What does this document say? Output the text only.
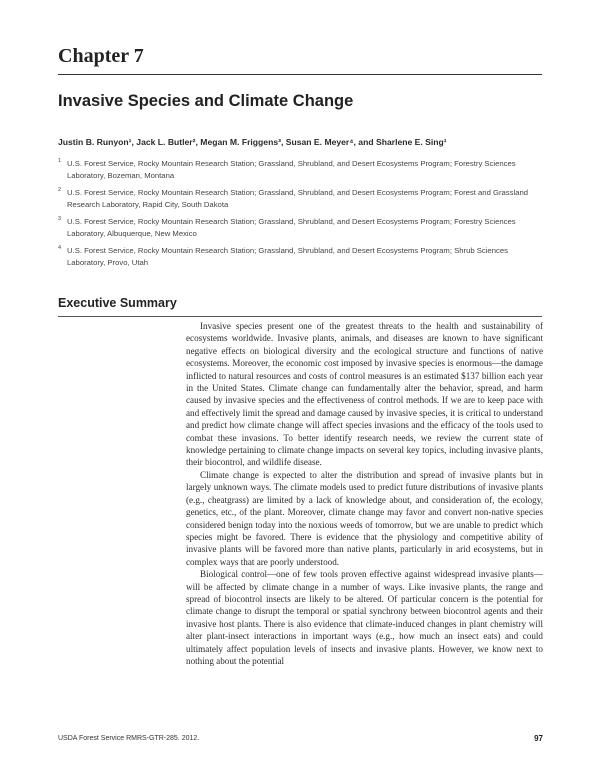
Chapter 7
Invasive Species and Climate Change
Justin B. Runyon¹, Jack L. Butler², Megan M. Friggens³, Susan E. Meyer⁴, and Sharlene E. Sing¹
1 U.S. Forest Service, Rocky Mountain Research Station; Grassland, Shrubland, and Desert Ecosystems Program; Forestry Sciences Laboratory, Bozeman, Montana
2 U.S. Forest Service, Rocky Mountain Research Station; Grassland, Shrubland, and Desert Ecosystems Program; Forest and Grassland Research Laboratory, Rapid City, South Dakota
3 U.S. Forest Service, Rocky Mountain Research Station; Grassland, Shrubland, and Desert Ecosystems Program; Forestry Sciences Laboratory, Albuquerque, New Mexico
4 U.S. Forest Service, Rocky Mountain Research Station; Grassland, Shrubland, and Desert Ecosystems Program; Shrub Sciences Laboratory, Provo, Utah
Executive Summary

Invasive species present one of the greatest threats to the health and sustainability of ecosystems worldwide. Invasive plants, animals, and diseases are known to have significant negative effects on biological diversity and the ecological structure and functions of native ecosystems. Moreover, the economic cost imposed by invasive species is enormous—the damage inflicted to natural resources and costs of control measures is an estimated $137 billion each year in the United States. Climate change can fundamentally alter the behavior, spread, and harm caused by invasive species and the effectiveness of control methods. If we are to keep pace with and effectively limit the spread and damage caused by invasive species, it is critical to understand and predict how climate change will affect species invasions and the efficacy of the tools used to combat these invasions. To better identify research needs, we review the current state of knowledge pertaining to climate change impacts on several key topics, including invasive plants, their biocontrol, and wildlife disease.

Climate change is expected to alter the distribution and spread of invasive plants but in largely unknown ways. The climate models used to predict future distributions of invasive plants (e.g., cheatgrass) are limited by a lack of knowledge about, and consideration of, the ecology, genetics, etc., of the plant. Moreover, climate change may favor and convert non-native species considered benign today into the noxious weeds of tomorrow, but we are unable to predict which species might be favored. There is evidence that the physiology and competitive ability of invasive plants will be favored more than native plants, particularly in arid ecosystems, but in complex ways that are poorly understood.

Biological control—one of few tools proven effective against widespread invasive plants—will be affected by climate change in a number of ways. Like invasive plants, the range and spread of biocontrol insects are likely to be altered. Of particular concern is the potential for climate change to disrupt the temporal or spatial synchrony between biocontrol agents and their invasive host plants. There is also evidence that climate-induced changes in plant chemistry will alter plant-insect interactions in important ways (e.g., how much an insect eats) and could ultimately affect population levels of insects and invasive plants. However, we know next to nothing about the potential

USDA Forest Service RMRS-GTR-285. 2012.	97
